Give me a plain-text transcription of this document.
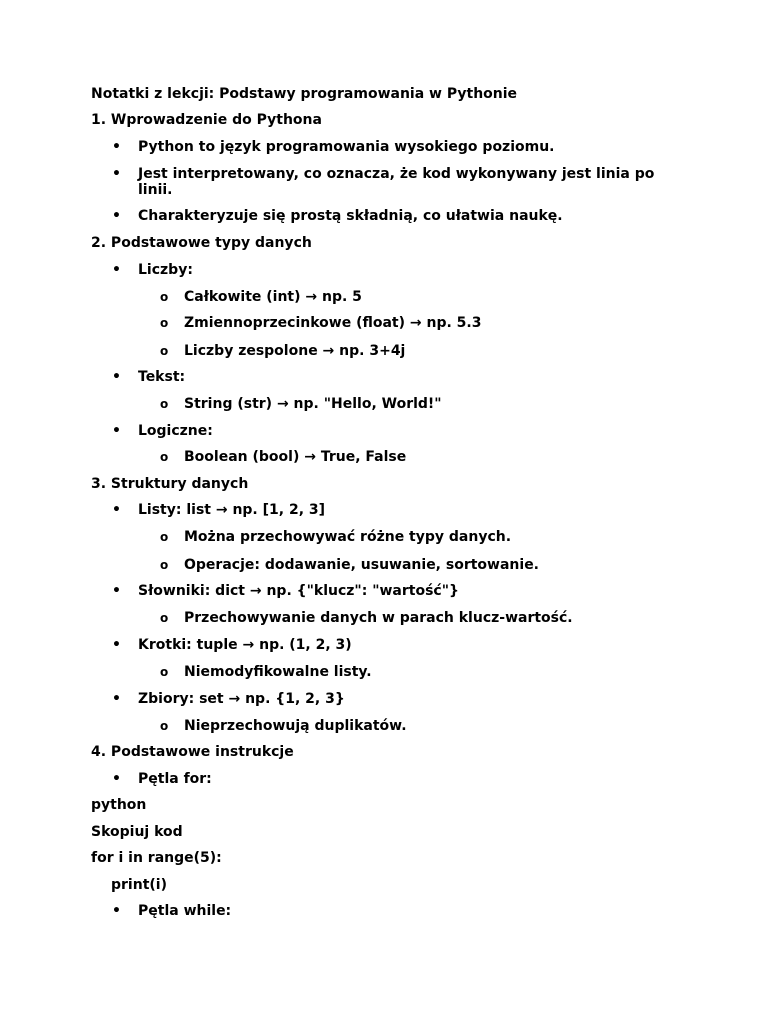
Notatki z lekcji: Podstawy programowania w Pythonie
1. Wprowadzenie do Pythona
• Python to język programowania wysokiego poziomu.
• Jest interpretowany, co oznacza, że kod wykonywany jest linia po linii.
• Charakteryzuje się prostą składnią, co ułatwia naukę.
2. Podstawowe typy danych
• Liczby:
o Całkowite (int) → np. 5
o Zmiennoprzecinkowe (float) → np. 5.3
o Liczby zespolone → np. 3+4j
• Tekst:
o String (str) → np. "Hello, World!"
• Logiczne:
o Boolean (bool) → True, False
3. Struktury danych
• Listy: list → np. [1, 2, 3]
o Można przechowywać różne typy danych.
o Operacje: dodawanie, usuwanie, sortowanie.
• Słowniki: dict → np. {"klucz": "wartość"}
o Przechowywanie danych w parach klucz-wartość.
• Krotki: tuple → np. (1, 2, 3)
o Niemodyfikowalne listy.
• Zbiory: set → np. {1, 2, 3}
o Nieprzechowują duplikatów.
4. Podstawowe instrukcje
• Pętla for:
python
Skopiuj kod
for i in range(5):
print(i)
• Pętla while:
